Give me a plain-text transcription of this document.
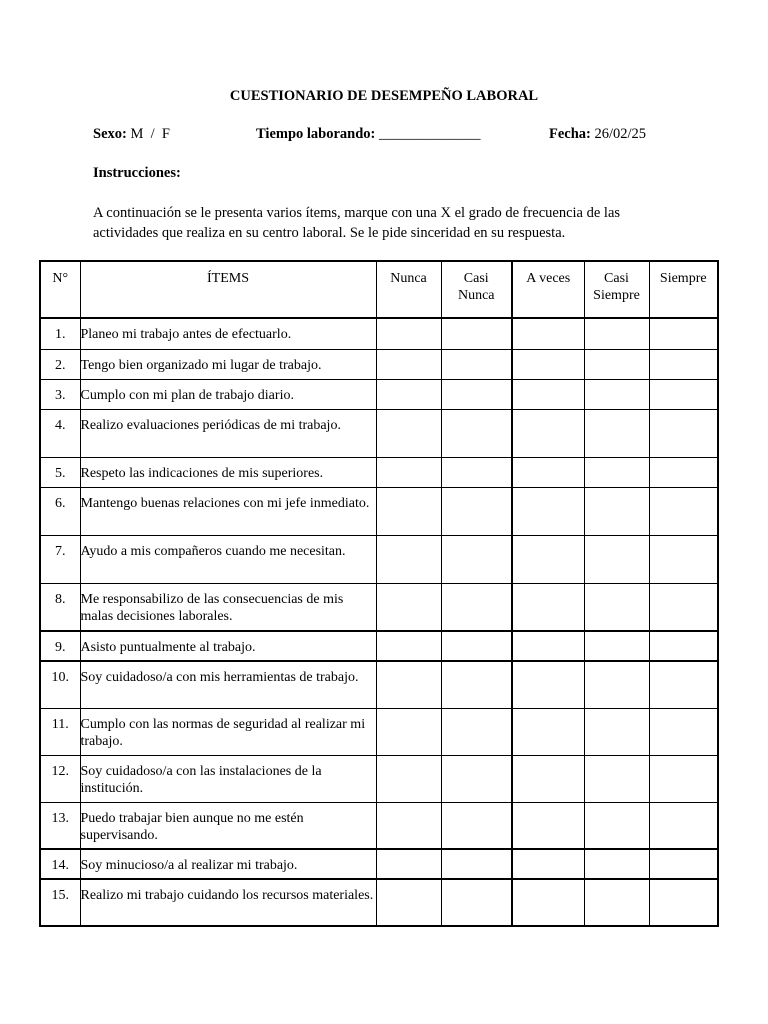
CUESTIONARIO DE DESEMPEÑO LABORAL
Sexo: M  /  F	Tiempo laborando: ______________	Fecha: 26/02/25
Instrucciones:
A continuación se le presenta varios ítems, marque con una X el grado de frecuencia de las actividades que realiza en su centro laboral. Se le pide sinceridad en su respuesta.
N°	ÍTEMS	Nunca	Casi Nunca	A veces	Casi Siempre	Siempre
1.	Planeo mi trabajo antes de efectuarlo.					
2.	Tengo bien organizado mi lugar de trabajo.					
3.	Cumplo con mi plan de trabajo diario.					
4.	Realizo evaluaciones periódicas de mi trabajo.					
5.	Respeto las indicaciones de mis superiores.					
6.	Mantengo buenas relaciones con mi jefe inmediato.					
7.	Ayudo a mis compañeros cuando me necesitan.					
8.	Me responsabilizo de las consecuencias de mis malas decisiones laborales.					
9.	Asisto puntualmente al trabajo.					
10.	Soy cuidadoso/a con mis herramientas de trabajo.					
11.	Cumplo con las normas de seguridad al realizar mi trabajo.					
12.	Soy cuidadoso/a con las instalaciones de la institución.					
13.	Puedo trabajar bien aunque no me estén supervisando.					
14.	Soy minucioso/a al realizar mi trabajo.					
15.	Realizo mi trabajo cuidando los recursos materiales.					
